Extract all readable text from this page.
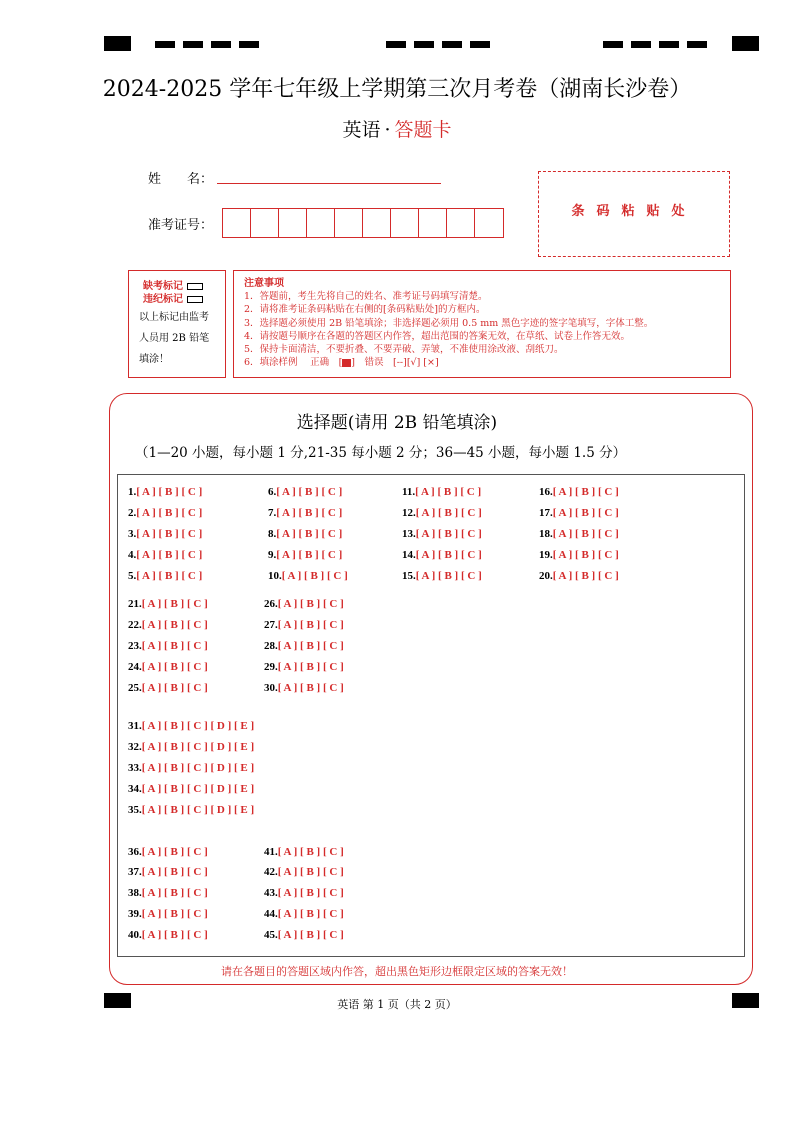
2024-2025 学年七年级上学期第三次月考卷（湖南长沙卷）
英语 · 答题卡
姓　　名：
准考证号：
条码粘贴处
缺考标记
违纪标记
以上标记由监考
人员用 2B 铅笔
填涂！
注意事项
1．答题前，考生先将自己的姓名、准考证号码填写清楚。
2．请将准考证条码粘贴在右侧的[条码粘贴处]的方框内。
3．选择题必须使用 2B 铅笔填涂；非选择题必须用 0.5 mm 黑色字迹的签字笔填写，字体工整。
4．请按题号顺序在各题的答题区内作答，超出范围的答案无效，在草纸、试卷上作答无效。
5．保持卡面清洁，不要折叠、不要弄破、弄皱，不准使用涂改液、刮纸刀。
6．填涂样例　 正确　[ ]　错误　[--][√] [×]
选择题(请用 2B 铅笔填涂)
（1—20 小题，每小题 1 分,21-35 每小题 2 分；36—45 小题，每小题 1.5 分）
1.[ A ] [ B ] [ C ]
2.[ A ] [ B ] [ C ]
3.[ A ] [ B ] [ C ]
4.[ A ] [ B ] [ C ]
5.[ A ] [ B ] [ C ]
6.[ A ] [ B ] [ C ]
7.[ A ] [ B ] [ C ]
8.[ A ] [ B ] [ C ]
9.[ A ] [ B ] [ C ]
10.[ A ] [ B ] [ C ]
11.[ A ] [ B ] [ C ]
12.[ A ] [ B ] [ C ]
13.[ A ] [ B ] [ C ]
14.[ A ] [ B ] [ C ]
15.[ A ] [ B ] [ C ]
16.[ A ] [ B ] [ C ]
17.[ A ] [ B ] [ C ]
18.[ A ] [ B ] [ C ]
19.[ A ] [ B ] [ C ]
20.[ A ] [ B ] [ C ]
21.[ A ] [ B ] [ C ]
22.[ A ] [ B ] [ C ]
23.[ A ] [ B ] [ C ]
24.[ A ] [ B ] [ C ]
25.[ A ] [ B ] [ C ]
26.[ A ] [ B ] [ C ]
27.[ A ] [ B ] [ C ]
28.[ A ] [ B ] [ C ]
29.[ A ] [ B ] [ C ]
30.[ A ] [ B ] [ C ]
31.[ A ] [ B ] [ C ] [ D ] [ E ]
32.[ A ] [ B ] [ C ] [ D ] [ E ]
33.[ A ] [ B ] [ C ] [ D ] [ E ]
34.[ A ] [ B ] [ C ] [ D ] [ E ]
35.[ A ] [ B ] [ C ] [ D ] [ E ]
36.[ A ] [ B ] [ C ]
37.[ A ] [ B ] [ C ]
38.[ A ] [ B ] [ C ]
39.[ A ] [ B ] [ C ]
40.[ A ] [ B ] [ C ]
41.[ A ] [ B ] [ C ]
42.[ A ] [ B ] [ C ]
43.[ A ] [ B ] [ C ]
44.[ A ] [ B ] [ C ]
45.[ A ] [ B ] [ C ]
请在各题目的答题区域内作答，超出黑色矩形边框限定区域的答案无效！
英语 第 1 页（共 2 页）
